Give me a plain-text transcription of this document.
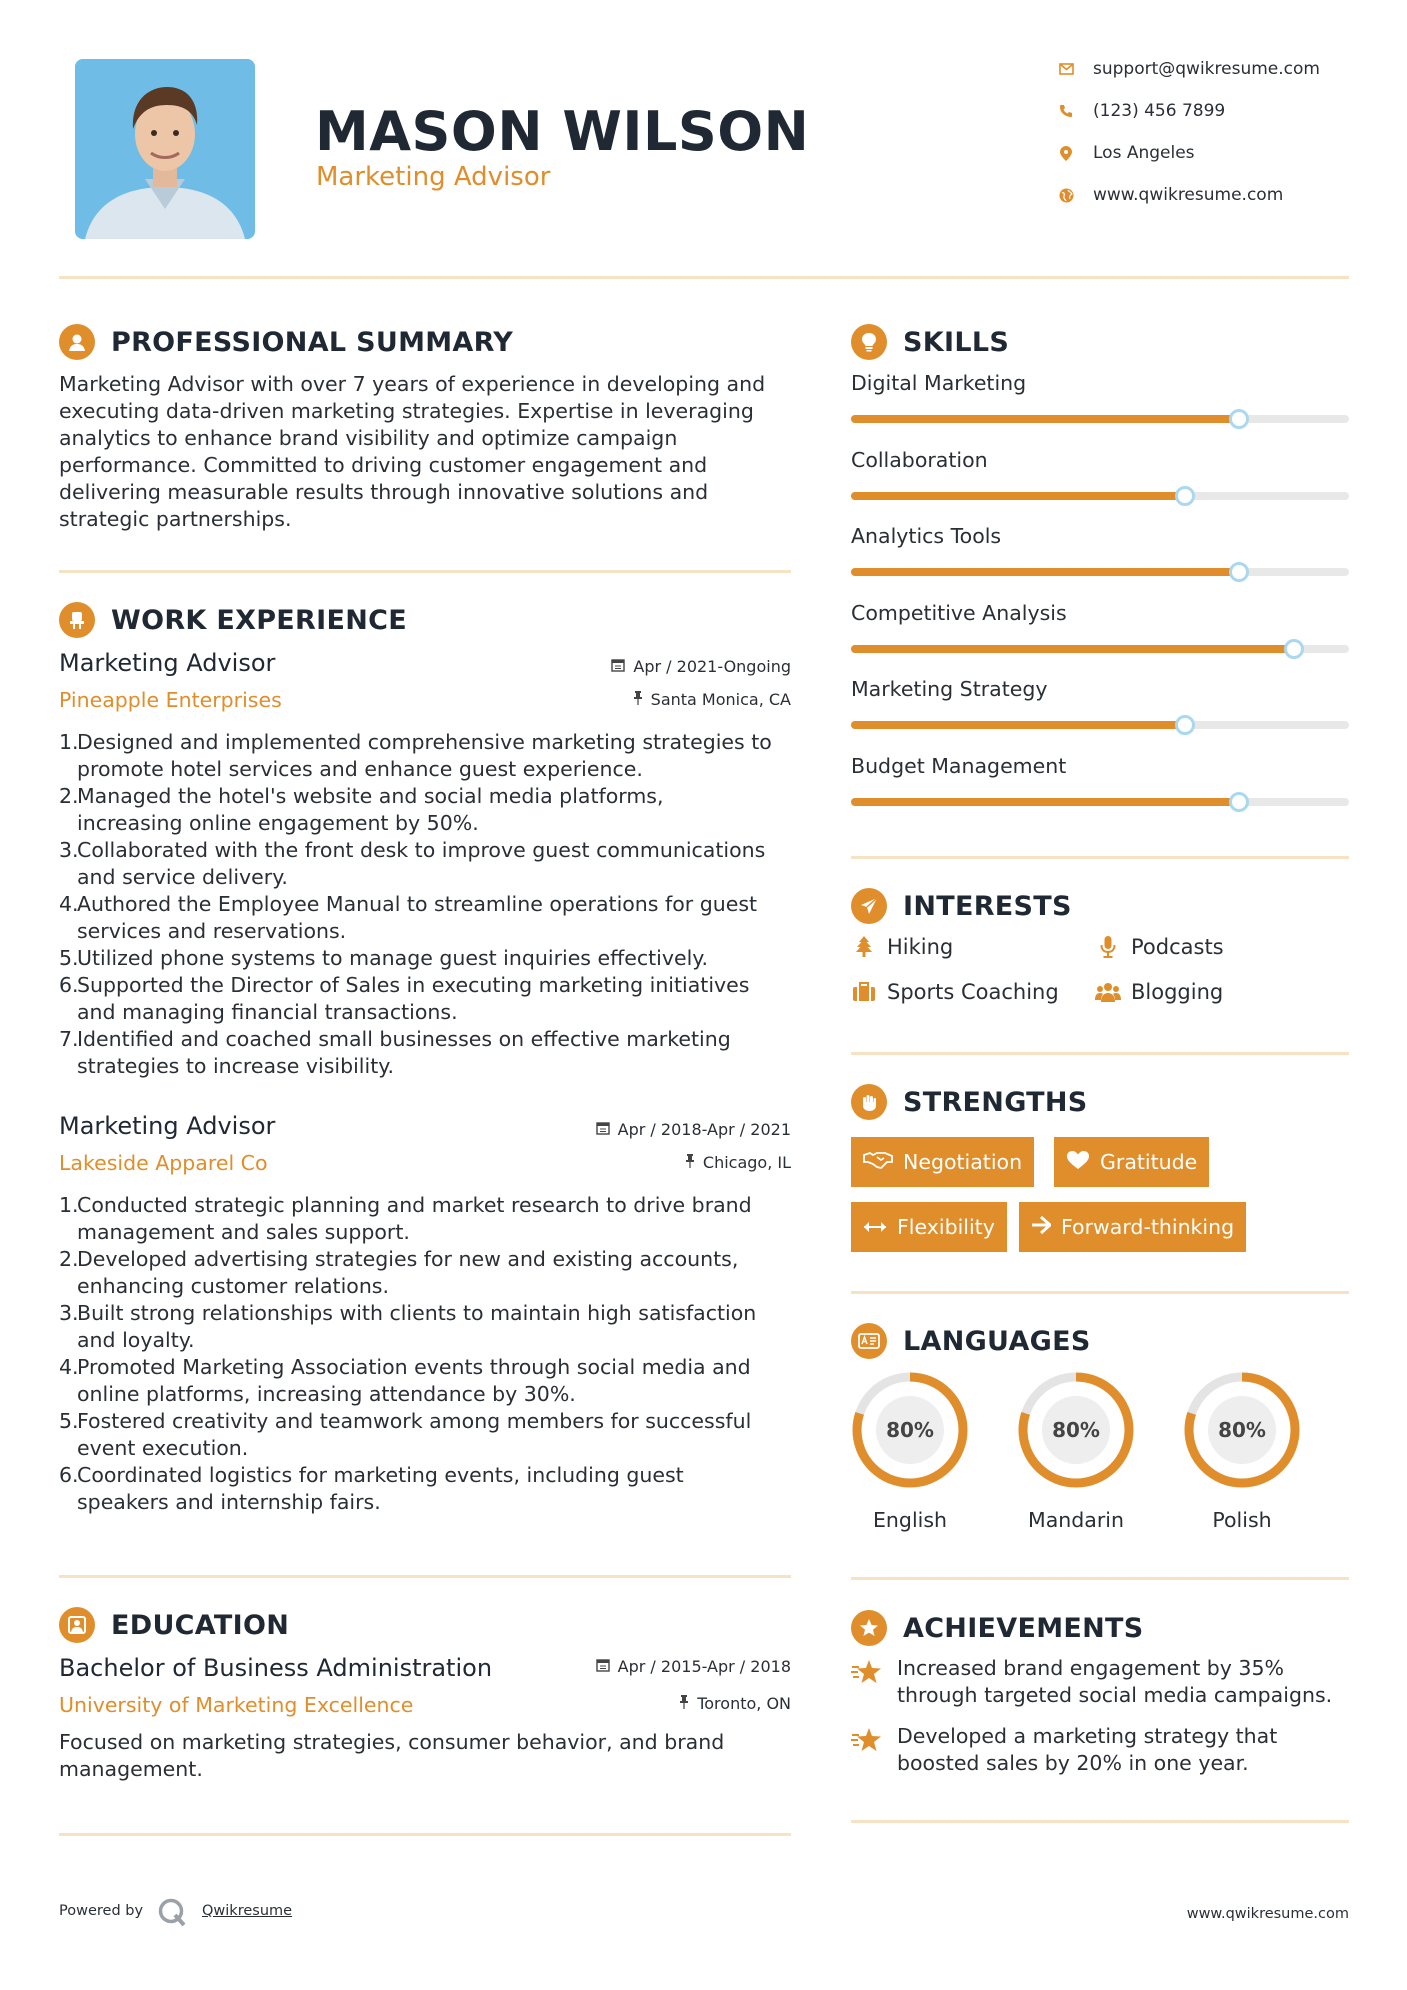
MASON WILSON
Marketing Advisor
support@qwikresume.com
(123) 456 7899
Los Angeles
www.qwikresume.com
PROFESSIONAL SUMMARY
Marketing Advisor with over 7 years of experience in developing and
executing data-driven marketing strategies. Expertise in leveraging
analytics to enhance brand visibility and optimize campaign
performance. Committed to driving customer engagement and
delivering measurable results through innovative solutions and
strategic partnerships.
WORK EXPERIENCE
Marketing Advisor	Apr / 2021-Ongoing
Pineapple Enterprises	Santa Monica, CA
1.
Designed and implemented comprehensive marketing strategies to
promote hotel services and enhance guest experience.
2.
Managed the hotel's website and social media platforms,
increasing online engagement by 50%.
3.
Collaborated with the front desk to improve guest communications
and service delivery.
4.
Authored the Employee Manual to streamline operations for guest
services and reservations.
5.
Utilized phone systems to manage guest inquiries effectively.
6.
Supported the Director of Sales in executing marketing initiatives
and managing financial transactions.
7.
Identified and coached small businesses on effective marketing
strategies to increase visibility.
Marketing Advisor	Apr / 2018-Apr / 2021
Lakeside Apparel Co	Chicago, IL
1.
Conducted strategic planning and market research to drive brand
management and sales support.
2.
Developed advertising strategies for new and existing accounts,
enhancing customer relations.
3.
Built strong relationships with clients to maintain high satisfaction
and loyalty.
4.
Promoted Marketing Association events through social media and
online platforms, increasing attendance by 30%.
5.
Fostered creativity and teamwork among members for successful
event execution.
6.
Coordinated logistics for marketing events, including guest
speakers and internship fairs.
EDUCATION
Bachelor of Business Administration	Apr / 2015-Apr / 2018
University of Marketing Excellence	Toronto, ON
Focused on marketing strategies, consumer behavior, and brand
management.
SKILLS
Digital Marketing
Collaboration
Analytics Tools
Competitive Analysis
Marketing Strategy
Budget Management
INTERESTS
Hiking	Podcasts
Sports Coaching	Blogging
STRENGTHS
Negotiation	Gratitude
Flexibility	Forward-thinking
LANGUAGES
80%
English
80%
Mandarin
80%
Polish
ACHIEVEMENTS
Increased brand engagement by 35%
through targeted social media campaigns.
Developed a marketing strategy that
boosted sales by 20% in one year.
Powered by	Qwikresume	www.qwikresume.com
